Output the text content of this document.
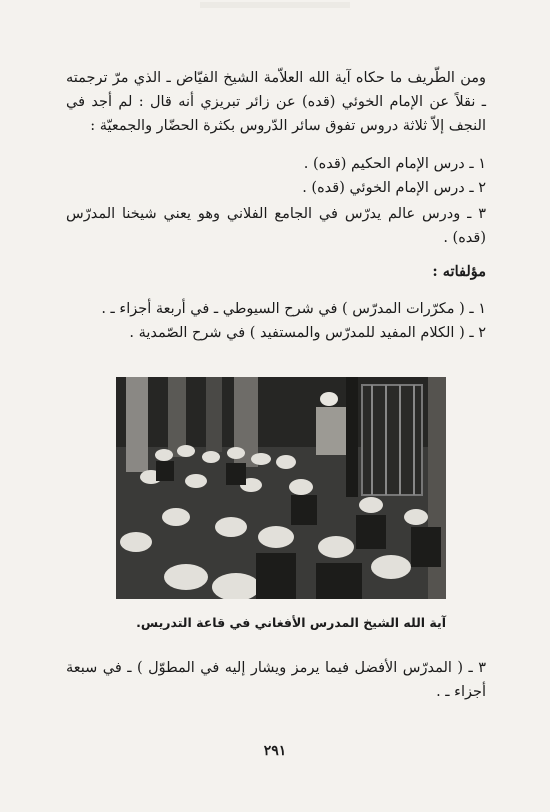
ومن الطّريف ما حكاه آية الله العلاّمة الشيخ الفيّاض ـ الذي مرّ ترجمته ـ نقلاً عن الإمام الخوئي (قده) عن زائر تبريزي أنه قال : لم أجد في النجف إلاّ ثلاثة دروس تفوق سائر الدّروس بكثرة الحضّار والجمعيّة :

١ ـ درس الإمام الحكيم (قده) .

٢ ـ درس الإمام الخوئي (قده) .

٣ ـ ودرس عالم يدرّس في الجامع الفلاني وهو يعني شيخنا المدرّس (قده) .

مؤلفاته :

١ ـ ( مكرّرات المدرّس ) في شرح السيوطي ـ في أربعة أجزاء ـ .

٢ ـ ( الكلام المفيد للمدرّس والمستفيد ) في شرح الصّمدية .

آية الله الشيخ المدرس الأفغاني في قاعة التدريس.

٣ ـ ( المدرّس الأفضل فيما يرمز ويشار إليه في المطوّل ) ـ في سبعة أجزاء ـ .

٢٩١
